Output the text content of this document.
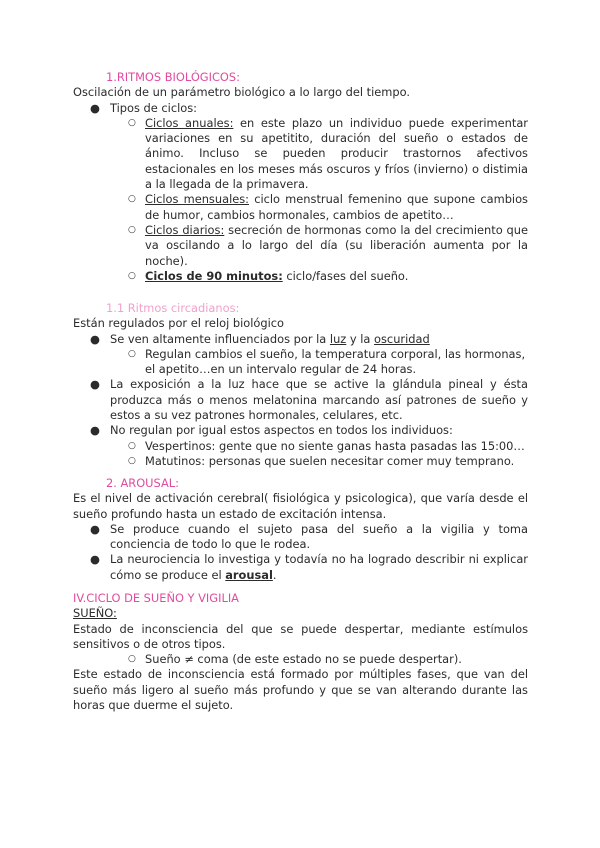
1.RITMOS BIOLÓGICOS:

Oscilación de un parámetro biológico a lo largo del tiempo.

● Tipos de ciclos:
○ Ciclos anuales: en este plazo un individuo puede experimentar variaciones en su apetitito, duración del sueño o estados de ánimo. Incluso se pueden producir trastornos afectivos estacionales en los meses más oscuros y fríos (invierno) o distimia a la llegada de la primavera.
○ Ciclos mensuales: ciclo menstrual femenino que supone cambios de humor, cambios hormonales, cambios de apetito…
○ Ciclos diarios: secreción de hormonas como la del crecimiento que va oscilando a lo largo del día (su liberación aumenta por la noche).
○ Ciclos de 90 minutos: ciclo/fases del sueño.

1.1 Ritmos circadianos:

Están regulados por el reloj biológico

● Se ven altamente influenciados por la luz y la oscuridad
○ Regulan cambios el sueño, la temperatura corporal, las hormonas, el apetito…en un intervalo regular de 24 horas.
● La exposición a la luz hace que se active la glándula pineal y ésta produzca más o menos melatonina marcando así patrones de sueño y estos a su vez patrones hormonales, celulares, etc.
● No regulan por igual estos aspectos en todos los individuos:
○ Vespertinos: gente que no siente ganas hasta pasadas las 15:00…
○ Matutinos: personas que suelen necesitar comer muy temprano.

2. AROUSAL:

Es el nivel de activación cerebral( fisiológica y psicologica), que varía desde el sueño profundo hasta un estado de excitación intensa.

● Se produce cuando el sujeto pasa del sueño a la vigilia y toma conciencia de todo lo que le rodea.
● La neurociencia lo investiga y todavía no ha logrado describir ni explicar cómo se produce el arousal.

IV.CICLO DE SUEÑO Y VIGILIA

SUEÑO:

Estado de inconsciencia del que se puede despertar, mediante estímulos sensitivos o de otros tipos.

○ Sueño ≠ coma (de este estado no se puede despertar).

Este estado de inconsciencia está formado por múltiples fases, que van del sueño más ligero al sueño más profundo y que se van alterando durante las horas que duerme el sujeto.
